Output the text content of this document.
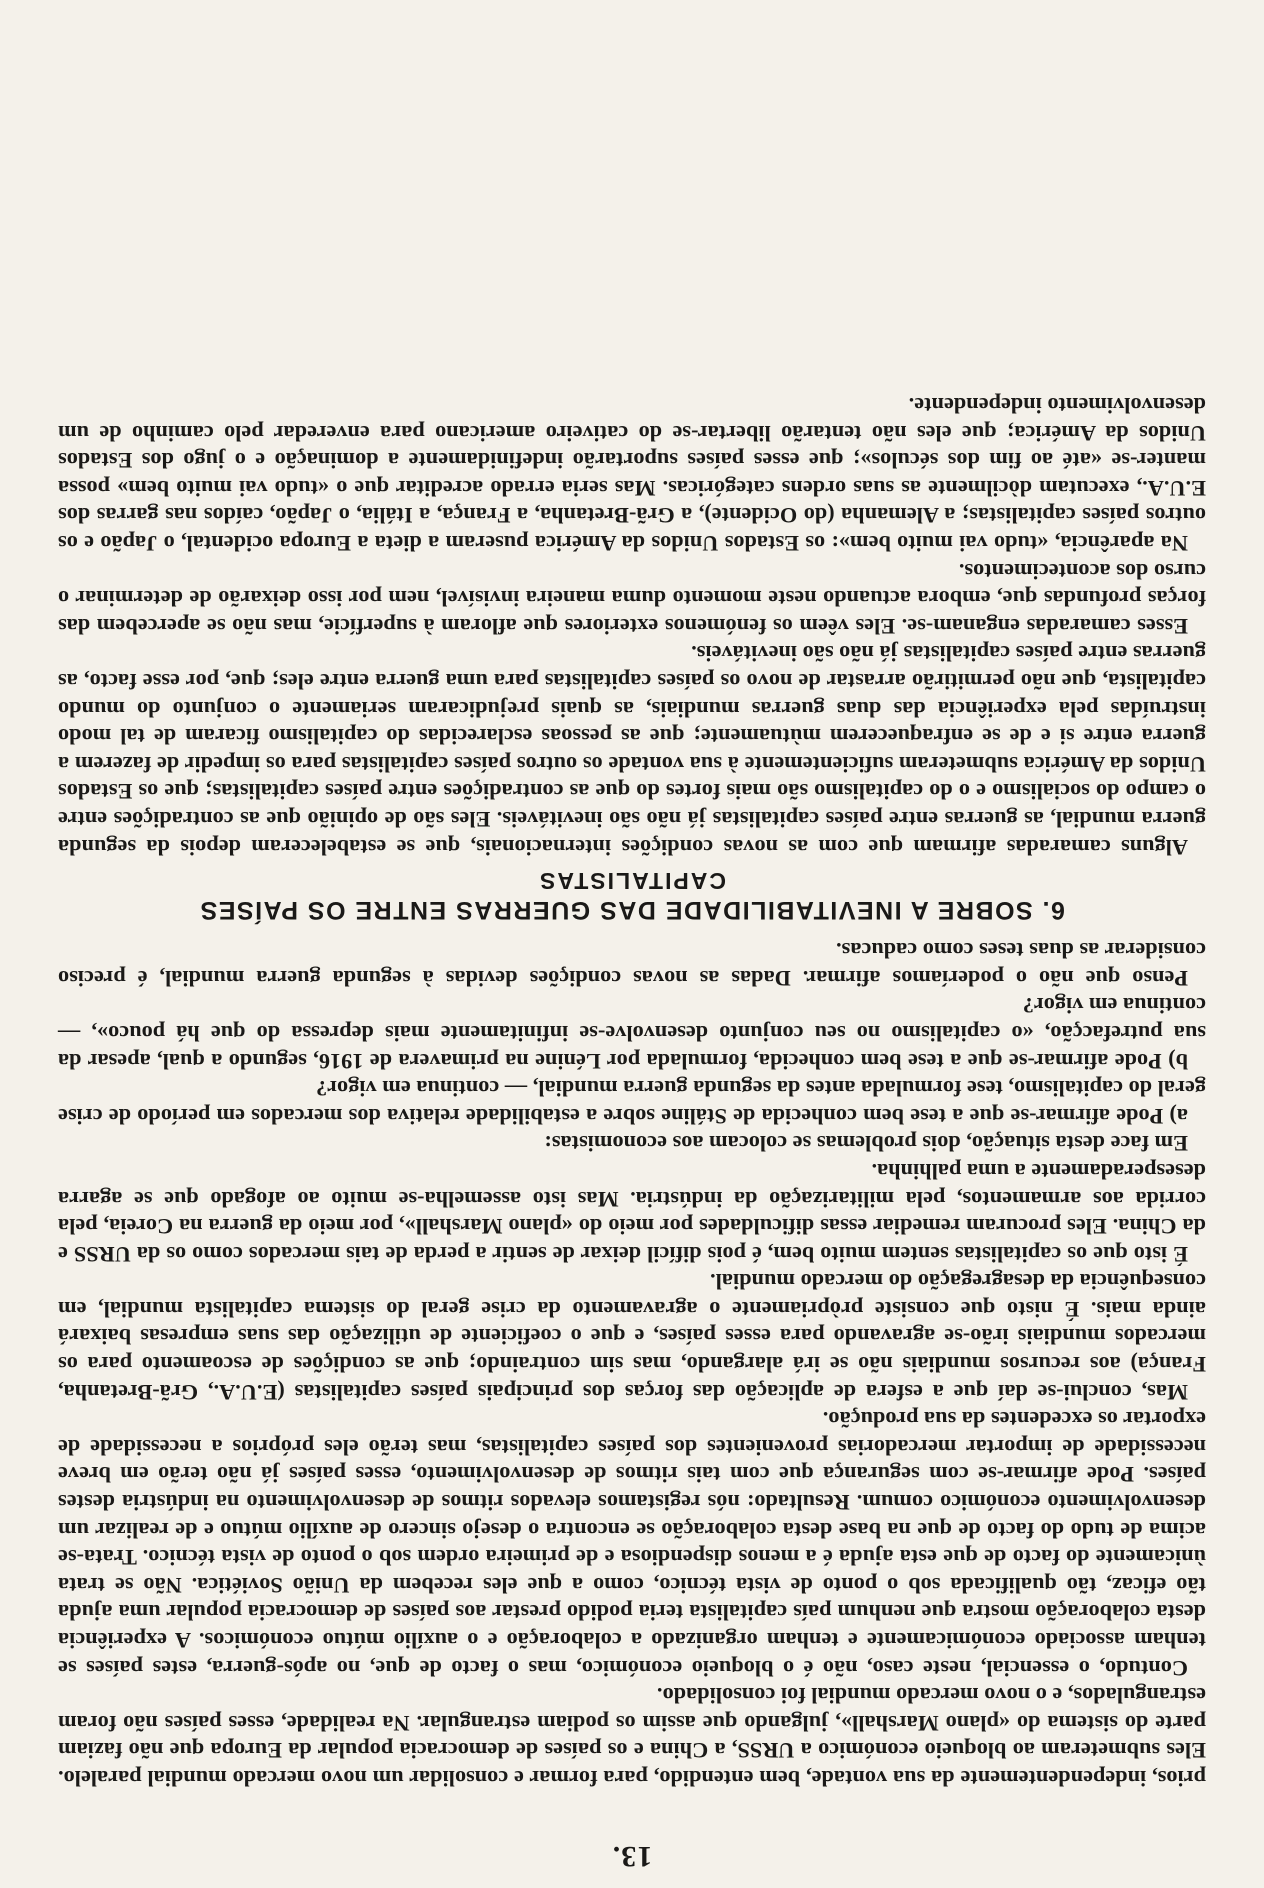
13.

prios, independentemente da sua vontade, bem entendido, para formar e consolidar um novo mercado mundial paralelo. Eles submeteram ao bloqueio económico a URSS, a China e os países de democracia popular da Europa que não faziam parte do sistema do «plano Marshall», julgando que assim os podiam estrangular. Na realidade, esses países não foram estrangulados, e o novo mercado mundial foi consolidado.

Contudo, o essencial, neste caso, não é o bloqueio económico, mas o facto de que, no após-guerra, estes países se tenham associado económicamente e tenham organizado a colaboração e o auxílio mútuo económicos. A experiência desta colaboração mostra que nenhum país capitalista teria podido prestar aos países de democracia popular uma ajuda tão eficaz, tão qualificada sob o ponto de vista técnico, como a que eles recebem da União Soviética. Não se trata ùnicamente do facto de que esta ajuda é a menos dispendiosa e de primeira ordem sob o ponto de vista técnico. Trata-se acima de tudo do facto de que na base desta colaboração se encontra o desejo sincero de auxílio mútuo e de realizar um desenvolvimento económico comum. Resultado: nós registamos elevados ritmos de desenvolvimento na indústria destes países. Pode afirmar-se com segurança que com tais ritmos de desenvolvimento, esses países já não terão em breve necessidade de importar mercadorias provenientes dos países capitalistas, mas terão eles próprios a necessidade de exportar os excedentes da sua produção.

Mas, conclui-se daí que a esfera de aplicação das forças dos principais países capitalistas (E.U.A., Grã-Bretanha, França) aos recursos mundiais não se irá alargando, mas sim contraindo; que as condições de escoamento para os mercados mundiais irão-se agravando para esses países, e que o coeficiente de utilização das suas empresas baixará ainda mais. É nisto que consiste pròpriamente o agravamento da crise geral do sistema capitalista mundial, em consequência da desagregação do mercado mundial.

É isto que os capitalistas sentem muito bem, é pois difícil deixar de sentir a perda de tais mercados como os da URSS e da China. Eles procuram remediar essas dificuldades por meio do «plano Marshall», por meio da guerra na Coreia, pela corrida aos armamentos, pela militarização da indústria. Mas isto assemelha-se muito ao afogado que se agarra desesperadamente a uma palhinha.

Em face desta situação, dois problemas se colocam aos economistas:

a) Pode afirmar-se que a tese bem conhecida de Stáline sobre a estabilidade relativa dos mercados em período de crise geral do capitalismo, tese formulada antes da segunda guerra mundial, — continua em vigor?

b) Pode afirmar-se que a tese bem conhecida, formulada por Lénine na primavera de 1916, segundo a qual, apesar da sua putrefacção, «o capitalismo no seu conjunto desenvolve-se infinitamente mais depressa do que há pouco», — continua em vigor?

Penso que não o poderíamos afirmar. Dadas as novas condições devidas à segunda guerra mundial, é preciso considerar as duas teses como caducas.

6. SOBRE A INEVITABILIDADE DAS GUERRAS ENTRE OS PAÍSES
CAPITALISTAS

Alguns camaradas afirmam que com as novas condições internacionais, que se estabeleceram depois da segunda guerra mundial, as guerras entre países capitalistas já não são inevitáveis. Eles são de opinião que as contradições entre o campo do socialismo e o do capitalismo são mais fortes do que as contradições entre países capitalistas; que os Estados Unidos da América submeteram suficientemente à sua vontade os outros países capitalistas para os impedir de fazerem a guerra entre si e de se enfraquecerem mùtuamente; que as pessoas esclarecidas do capitalismo ficaram de tal modo instruídas pela experiência das duas guerras mundiais, as quais prejudicaram seriamente o conjunto do mundo capitalista, que não permitirão arrastar de novo os países capitalistas para uma guerra entre eles; que, por esse facto, as guerras entre países capitalistas já não são inevitáveis.

Esses camaradas enganam-se. Eles vêem os fenómenos exteriores que afloram à superfície, mas não se apercebem das forças profundas que, embora actuando neste momento duma maneira invisível, nem por isso deixarão de determinar o curso dos acontecimentos.

Na aparência, «tudo vai muito bem»: os Estados Unidos da América puseram a dieta a Europa ocidental, o Japão e os outros países capitalistas; a Alemanha (do Ocidente), a Grã-Bretanha, a França, a Itália, o Japão, caídos nas garras dos E.U.A., executam dòcilmente as suas ordens categóricas. Mas seria errado acreditar que o «tudo vai muito bem» possa manter-se «até ao fim dos séculos»; que esses países suportarão indefinidamente a dominação e o jugo dos Estados Unidos da América; que eles não tentarão libertar-se do cativeiro americano para enveredar pelo caminho de um desenvolvimento independente.
